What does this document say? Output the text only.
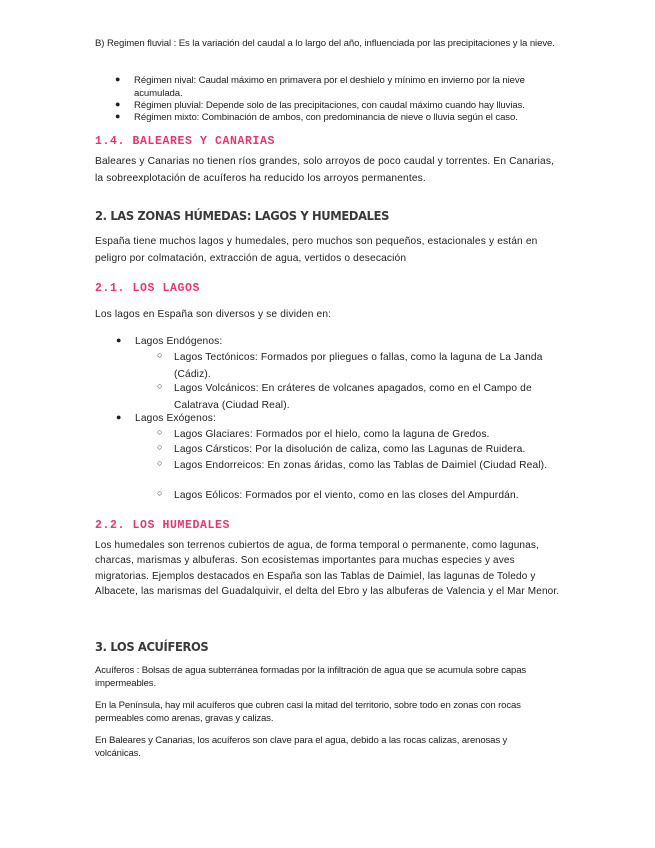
B) Regimen fluvial : Es la variación del caudal a lo largo del año, influenciada por las precipitaciones y la nieve.

● Régimen nival: Caudal máximo en primavera por el deshielo y mínimo en invierno por la nieve acumulada.
● Régimen pluvial: Depende solo de las precipitaciones, con caudal máximo cuando hay lluvias.
● Régimen mixto: Combinación de ambos, con predominancia de nieve o lluvia según el caso.
1.4. BALEARES Y CANARIAS

Baleares y Canarias no tienen ríos grandes, solo arroyos de poco caudal y torrentes. En Canarias, la sobreexplotación de acuíferos ha reducido los arroyos permanentes.

2. LAS ZONAS HÚMEDAS: LAGOS Y HUMEDALES

España tiene muchos lagos y humedales, pero muchos son pequeños, estacionales y están en peligro por colmatación, extracción de agua, vertidos o desecación

2.1. LOS LAGOS

Los lagos en España son diversos y se dividen en:

● Lagos Endógenos:
○ Lagos Tectónicos: Formados por pliegues o fallas, como la laguna de La Janda (Cádiz).
○ Lagos Volcánicos: En cráteres de volcanes apagados, como en el Campo de Calatrava (Ciudad Real).
● Lagos Exógenos:
○ Lagos Glaciares: Formados por el hielo, como la laguna de Gredos.
○ Lagos Cársticos: Por la disolución de caliza, como las Lagunas de Ruidera.
○ Lagos Endorreicos: En zonas áridas, como las Tablas de Daimiel (Ciudad Real).
○ Lagos Eólicos: Formados por el viento, como en las closes del Ampurdán.
2.2. LOS HUMEDALES

Los humedales son terrenos cubiertos de agua, de forma temporal o permanente, como lagunas, charcas, marismas y albuferas. Son ecosistemas importantes para muchas especies y aves migratorias. Ejemplos destacados en España son las Tablas de Daimiel, las lagunas de Toledo y Albacete, las marismas del Guadalquivir, el delta del Ebro y las albuferas de Valencia y el Mar Menor.

3. LOS ACUÍFEROS

Acuíferos : Bolsas de agua subterránea formadas por la infiltración de agua que se acumula sobre capas impermeables.

En la Península, hay mil acuíferos que cubren casi la mitad del territorio, sobre todo en zonas con rocas permeables como arenas, gravas y calizas.

En Baleares y Canarias, los acuíferos son clave para el agua, debido a las rocas calizas, arenosas y volcánicas.
